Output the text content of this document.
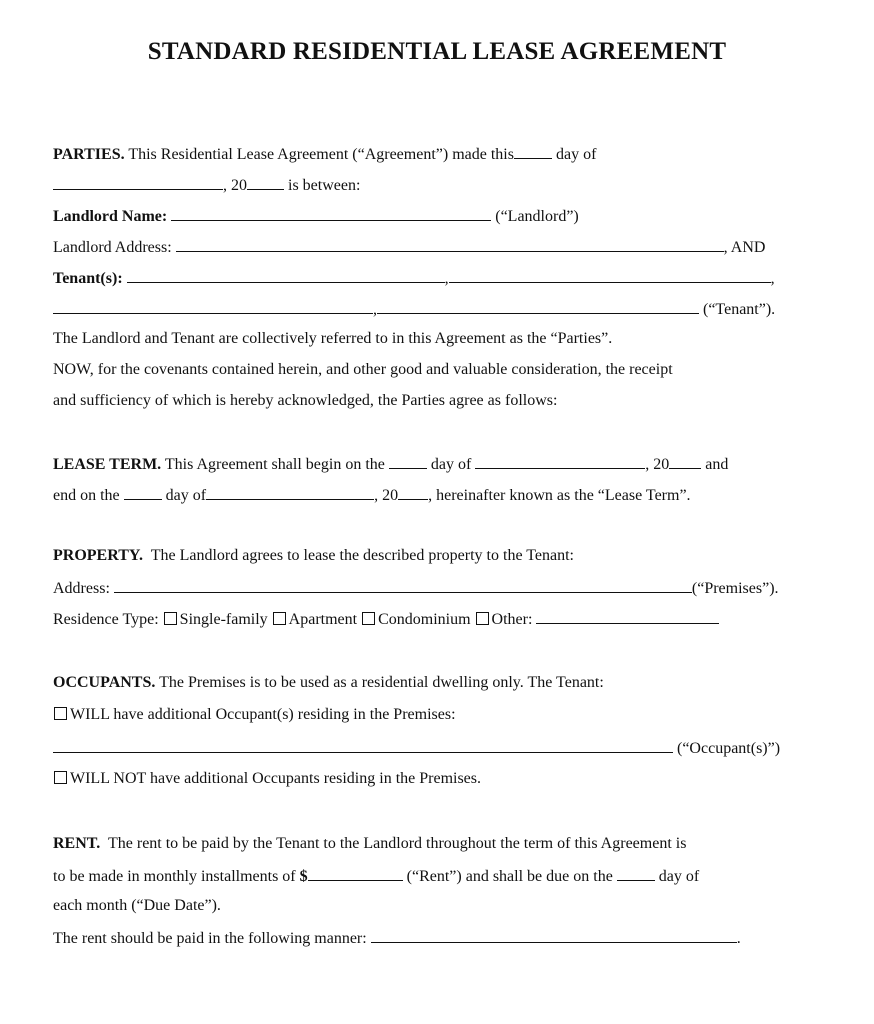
STANDARD RESIDENTIAL LEASE AGREEMENT
PARTIES. This Residential Lease Agreement (“Agreement”) made this	day of
, 20	is between:
Landlord Name:	(“Landlord”)
Landlord Address:	, AND
Tenant(s):	,	,
,	(“Tenant”).
The Landlord and Tenant are collectively referred to in this Agreement as the “Parties”.
NOW, for the covenants contained herein, and other good and valuable consideration, the receipt
and sufficiency of which is hereby acknowledged, the Parties agree as follows:
LEASE TERM. This Agreement shall begin on the	day of	, 20 and
end on the	day of	, 20 , hereinafter known as the “Lease Term”.
PROPERTY. The Landlord agrees to lease the described property to the Tenant:
Address:	(“Premises”).
Residence Type: Single-family Apartment Condominium Other:
OCCUPANTS. The Premises is to be used as a residential dwelling only. The Tenant:
WILL have additional Occupant(s) residing in the Premises:
(“Occupant(s)”)
WILL NOT have additional Occupants residing in the Premises.
RENT. The rent to be paid by the Tenant to the Landlord throughout the term of this Agreement is
to be made in monthly installments of $	(“Rent”) and shall be due on the	day of
each month (“Due Date”).
The rent should be paid in the following manner:	.
